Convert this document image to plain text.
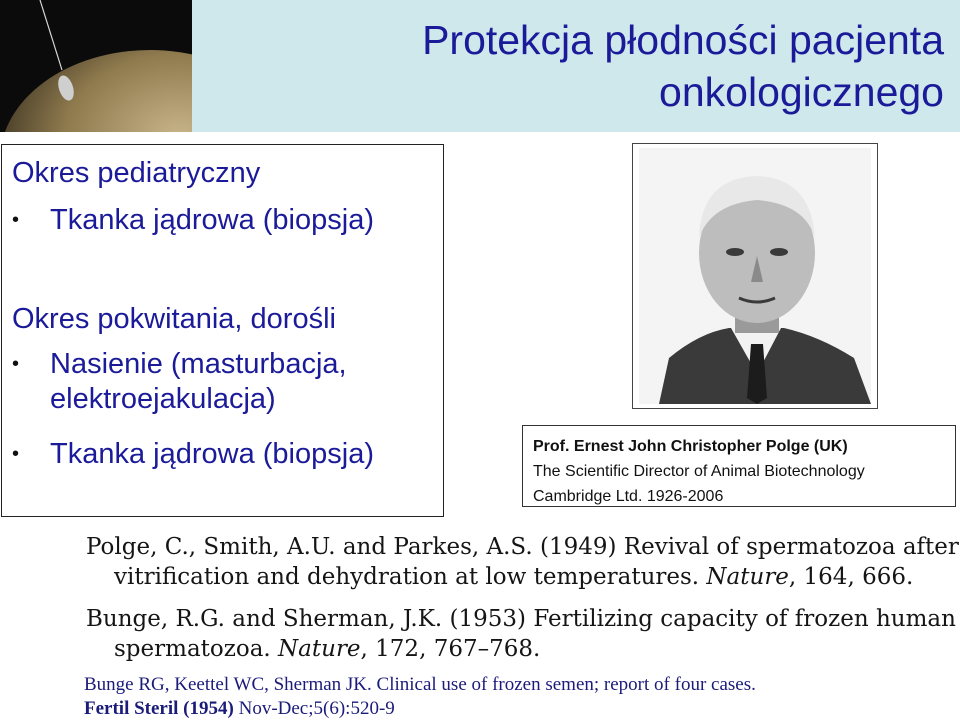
Protekcja płodności pacjenta
onkologicznego
Okres pediatryczny
•	Tkanka jądrowa (biopsja)
Okres pokwitania, dorośli
•	Nasienie (masturbacja,
elektroejakulacja)
•	Tkanka jądrowa (biopsja)	Prof. Ernest John Christopher Polge (UK)
The Scientific Director of Animal Biotechnology
Cambridge Ltd. 1926-2006
Polge, C., Smith, A.U. and Parkes, A.S. (1949) Revival of spermatozoa after
vitrification and dehydration at low temperatures. Nature, 164, 666.
Bunge, R.G. and Sherman, J.K. (1953) Fertilizing capacity of frozen human
spermatozoa. Nature, 172, 767–768.
Bunge RG, Keettel WC, Sherman JK. Clinical use of frozen semen; report of four cases.
Fertil Steril (1954) Nov-Dec;5(6):520-9
